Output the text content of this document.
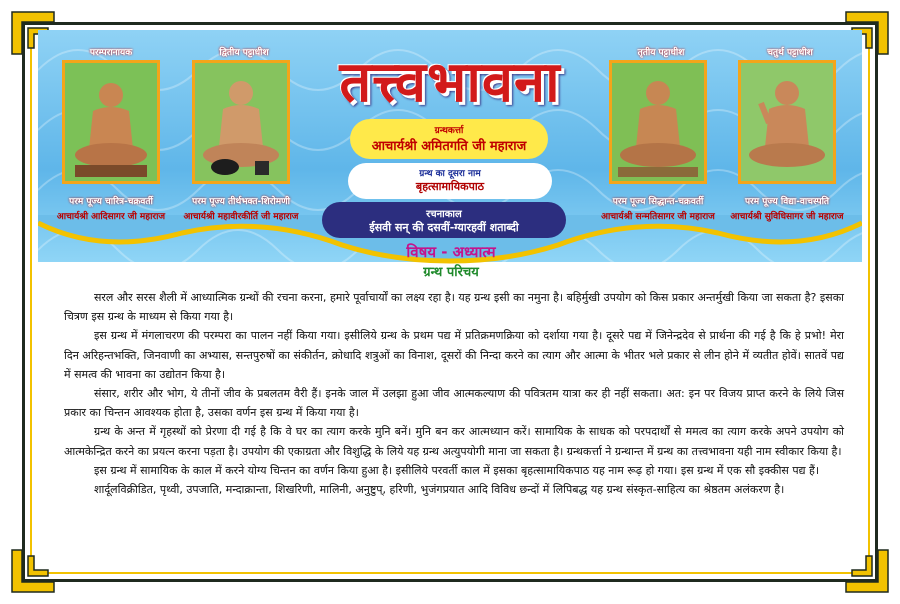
परम्परानायक
परम पूज्य चारित्र-चक्रवर्ती
आचार्यश्री आदिसागर जी महाराज
द्वितीय पट्टाधीश
परम पूज्य तीर्थभक्त-शिरोमणी
आचार्यश्री महावीरकीर्ति जी महाराज
तृतीय पट्टाधीश
परम पूज्य सिद्धान्त-चक्रवर्ती
आचार्यश्री सन्मतिसागर जी महाराज
चतुर्थ पट्टाधीश
परम पूज्य विद्या-वाचस्पति
आचार्यश्री सुविधिसागर जी महाराज
तत्त्वभावना
ग्रन्थकर्त्ता
आचार्यश्री अमितगति जी महाराज
ग्रन्थ का दूसरा नाम
बृहत्सामायिकपाठ
रचनाकाल
ईसवी सन् की दसवीं-ग्यारहवीं शताब्दी
विषय - अध्यात्म
ग्रन्थ परिचय

सरल और सरस शैली में आध्यात्मिक ग्रन्थों की रचना करना, हमारे पूर्वाचार्यों का लक्ष्य रहा है। यह ग्रन्थ इसी का नमुना है। बहिर्मुखी उपयोग को किस प्रकार अन्तर्मुखी किया जा सकता है? इसका चित्रण इस ग्रन्थ के माध्यम से किया गया है।

इस ग्रन्थ में मंगलाचरण की परम्परा का पालन नहीं किया गया। इसीलिये ग्रन्थ के प्रथम पद्य में प्रतिक्रमणक्रिया को दर्शाया गया है। दूसरे पद्य में जिनेन्द्रदेव से प्रार्थना की गई है कि हे प्रभो! मेरा दिन अरिहन्तभक्ति, जिनवाणी का अभ्यास, सन्तपुरुषों का संकीर्तन, क्रोधादि शत्रुओं का विनाश, दूसरों की निन्दा करने का त्याग और आत्मा के भीतर भले प्रकार से लीन होने में व्यतीत होवें। सातवें पद्य में समत्व की भावना का उद्योतन किया है।

संसार, शरीर और भोग, ये तीनों जीव के प्रबलतम वैरी हैं। इनके जाल में उलझा हुआ जीव आत्मकल्याण की पवित्रतम यात्रा कर ही नहीं सकता। अत: इन पर विजय प्राप्त करने के लिये जिस प्रकार का चिन्तन आवश्यक होता है, उसका वर्णन इस ग्रन्थ में किया गया है।

ग्रन्थ के अन्त में गृहस्थों को प्रेरणा दी गई है कि वे घर का त्याग करके मुनि बनें। मुनि बन कर आत्मध्यान करें। सामायिक के साधक को परपदार्थों से ममत्व का त्याग करके अपने उपयोग को आत्मकेन्द्रित करने का प्रयत्न करना पड़ता है। उपयोग की एकाग्रता और विशुद्धि के लिये यह ग्रन्थ अत्युपयोगी माना जा सकता है। ग्रन्थकर्त्ता ने ग्रन्थान्त में ग्रन्थ का तत्त्वभावना यही नाम स्वीकार किया है।

इस ग्रन्थ में सामायिक के काल में करने योग्य चिन्तन का वर्णन किया हुआ है। इसीलिये परवर्ती काल में इसका बृहत्सामायिकपाठ यह नाम रूढ़ हो गया। इस ग्रन्थ में एक सौ इक्कीस पद्य हैं।

शार्दूलविक्रीडित, पृथ्वी, उपजाति, मन्दाक्रान्ता, शिखरिणी, मालिनी, अनुष्टुप्, हरिणी, भुजंगप्रयात आदि विविध छन्दों में लिपिबद्ध यह ग्रन्थ संस्कृत-साहित्य का श्रेष्ठतम अलंकरण है।
